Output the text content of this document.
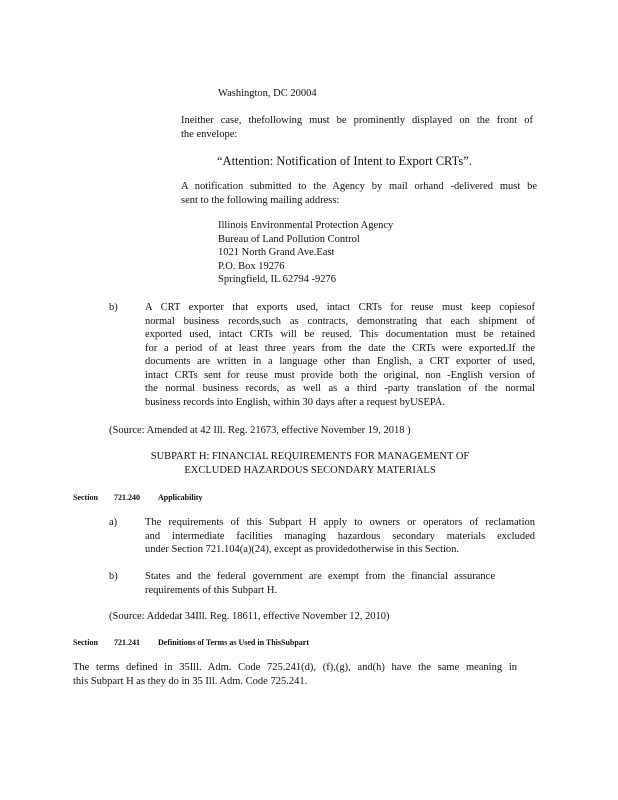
Washington, DC 20004
Ineither case, thefollowing must be prominently displayed on the front of
the envelope:
“Attention: Notification of Intent to Export CRTs”.
A notification submitted to the Agency by mail orhand -delivered must be
sent to the following mailing address:
Illinois Environmental Protection Agency
Bureau of Land Pollution Control
1021 North Grand Ave.East
P.O. Box 19276
Springfield, IL 62794 -9276
b)	A CRT exporter that exports used, intact CRTs for reuse must keep copiesof
normal business records,such as contracts, demonstrating that each shipment of
exported used, intact CRTs will be reused. This documentation must be retained
for a period of at least three years from the date the CRTs were exported.If the
documents are written in a language other than English, a CRT exporter of used,
intact CRTs sent for reuse must provide both the original, non -English version of
the normal business records, as well as a third -party translation of the normal
business records into English, within 30 days after a request byUSEPA.
(Source: Amended at 42 Ill. Reg. 21673, effective November 19, 2018 )
SUBPART H: FINANCIAL REQUIREMENTS FOR MANAGEMENT OF
EXCLUDED HAZARDOUS SECONDARY MATERIALS
Section 721.240 Applicability
a)	The requirements of this Subpart H apply to owners or operators of reclamation
and intermediate facilities managing hazardous secondary materials excluded
under Section 721.104(a)(24), except as providedotherwise in this Section.
b)	States and the federal government are exempt from the financial assurance
requirements of this Subpart H.
(Source: Addedat 34Ill. Reg. 18611, effective November 12, 2010)
Section 721.241 Definitions of Terms as Used in ThisSubpart
The terms defined in 35Ill. Adm. Code 725.241(d), (f),(g), and(h) have the same meaning in
this Subpart H as they do in 35 Ill. Adm. Code 725.241.
